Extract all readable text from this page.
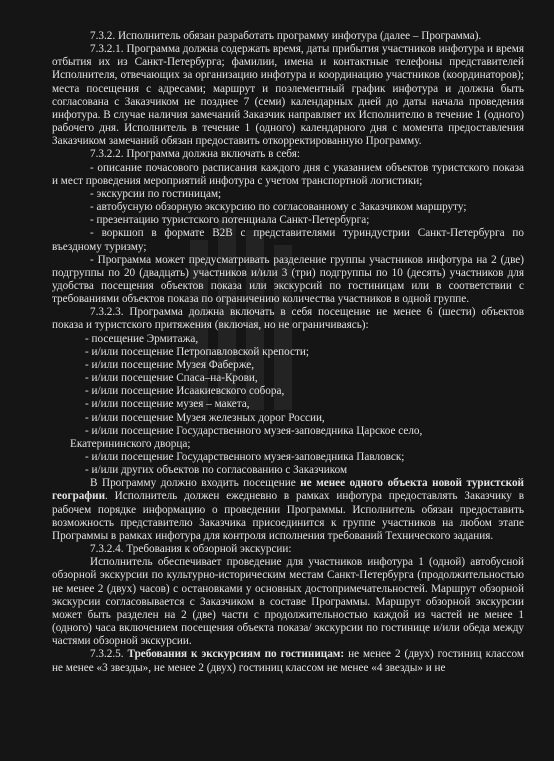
7.3.2. Исполнитель обязан разработать программу инфотура (далее – Программа).

7.3.2.1. Программа должна содержать время, даты прибытия участников инфотура и время отбытия их из Санкт-Петербурга; фамилии, имена и контактные телефоны представителей Исполнителя, отвечающих за организацию инфотура и координацию участников (координаторов); места посещения с адресами; маршрут и поэлементный график инфотура и должна быть согласована с Заказчиком не позднее 7 (семи) календарных дней до даты начала проведения инфотура. В случае наличия замечаний Заказчик направляет их Исполнителю в течение 1 (одного) рабочего дня. Исполнитель в течение 1 (одного) календарного дня с момента предоставления Заказчиком замечаний обязан предоставить откорректированную Программу.

7.3.2.2. Программа должна включать в себя:

- описание почасового расписания каждого дня с указанием объектов туристского показа и мест проведения мероприятий инфотура с учетом транспортной логистики;

- экскурсии по гостиницам;

- автобусную обзорную экскурсию по согласованному с Заказчиком маршруту;

- презентацию туристского потенциала Санкт-Петербурга;

- воркшоп в формате B2B с представителями туриндустрии Санкт-Петербурга по въездному туризму;

- Программа может предусматривать разделение группы участников инфотура на 2 (две) подгруппы по 20 (двадцать) участников и/или 3 (три) подгруппы по 10 (десять) участников для удобства посещения объектов показа или экскурсий по гостиницам или в соответствии с требованиями объектов показа по ограничению количества участников в одной группе.

7.3.2.3. Программа должна включать в себя посещение не менее 6 (шести) объектов показа и туристского притяжения (включая, но не ограничиваясь):

- посещение Эрмитажа,

- и/или посещение Петропавловской крепости;

- и/или посещение Музея Фаберже,

- и/или посещение Спаса–на-Крови,

- и/или посещение Исаакиевского собора,

- и/или посещение музея – макета,

- и/или посещение Музея железных дорог России,

- и/или посещение Государственного музея-заповедника Царское село,

Екатерининского дворца;

- и/или посещение Государственного музея-заповедника Павловск;

- и/или других объектов по согласованию с Заказчиком

В Программу должно входить посещение не менее одного объекта новой туристской географии. Исполнитель должен ежедневно в рамках инфотура предоставлять Заказчику в рабочем порядке информацию о проведении Программы. Исполнитель обязан предоставить возможность представителю Заказчика присоединится к группе участников на любом этапе Программы в рамках инфотура для контроля исполнения требований Технического задания.

7.3.2.4. Требования к обзорной экскурсии:

Исполнитель обеспечивает проведение для участников инфотура 1 (одной) автобусной обзорной экскурсии по культурно-историческим местам Санкт-Петербурга (продолжительностью не менее 2 (двух) часов) с остановками у основных достопримечательностей. Маршрут обзорной экскурсии согласовывается с Заказчиком в составе Программы. Маршрут обзорной экскурсии может быть разделен на 2 (две) части с продолжительностью каждой из частей не менее 1 (одного) часа включением посещения объекта показа/ экскурсии по гостинице и/или обеда между частями обзорной экскурсии.

7.3.2.5. Требования к экскурсиям по гостиницам: не менее 2 (двух) гостиниц классом не менее «3 звезды», не менее 2 (двух) гостиниц классом не менее «4 звезды» и не
